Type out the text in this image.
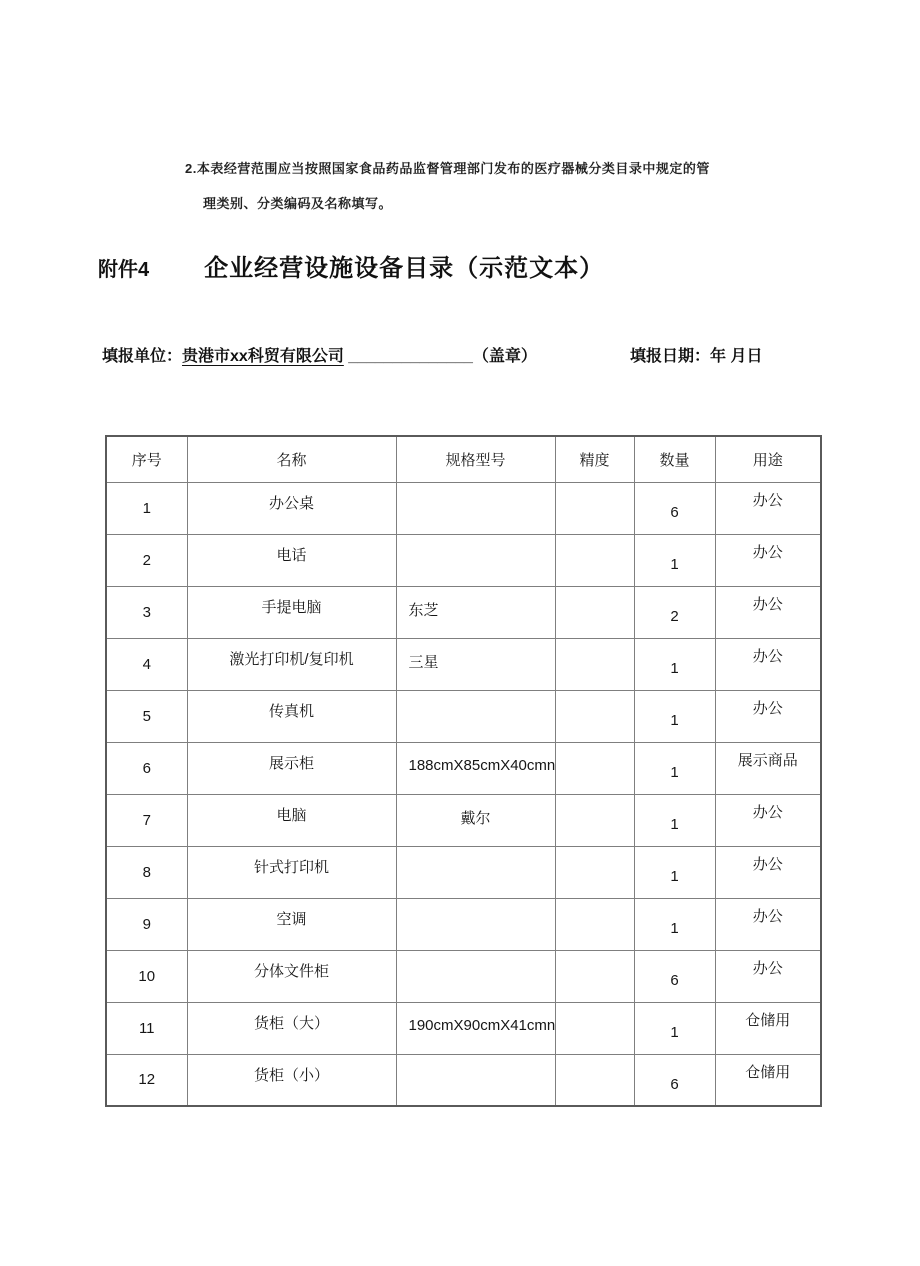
2.本表经营范围应当按照国家食品药品监督管理部门发布的医疗器械分类目录中规定的管

理类别、分类编码及名称填写。

附件4 企业经营设施设备目录（示范文本）
填报单位：贵港市xx科贸有限公司 ______________（盖章）	填报日期：年 月日
序号	名称	规格型号	精度	数量	用途
1	办公桌			6	办公
2	电话			1	办公
3	手提电脑	东芝		2	办公
4	激光打印机/复印机	三星		1	办公
5	传真机			1	办公
6	展示柜	188cmX85cmX40cmn		1	展示商品
7	电脑	戴尔		1	办公
8	针式打印机			1	办公
9	空调			1	办公
10	分体文件柜			6	办公
11	货柜（大）	190cmX90cmX41cmn		1	仓储用
12	货柜（小）			6	仓储用
